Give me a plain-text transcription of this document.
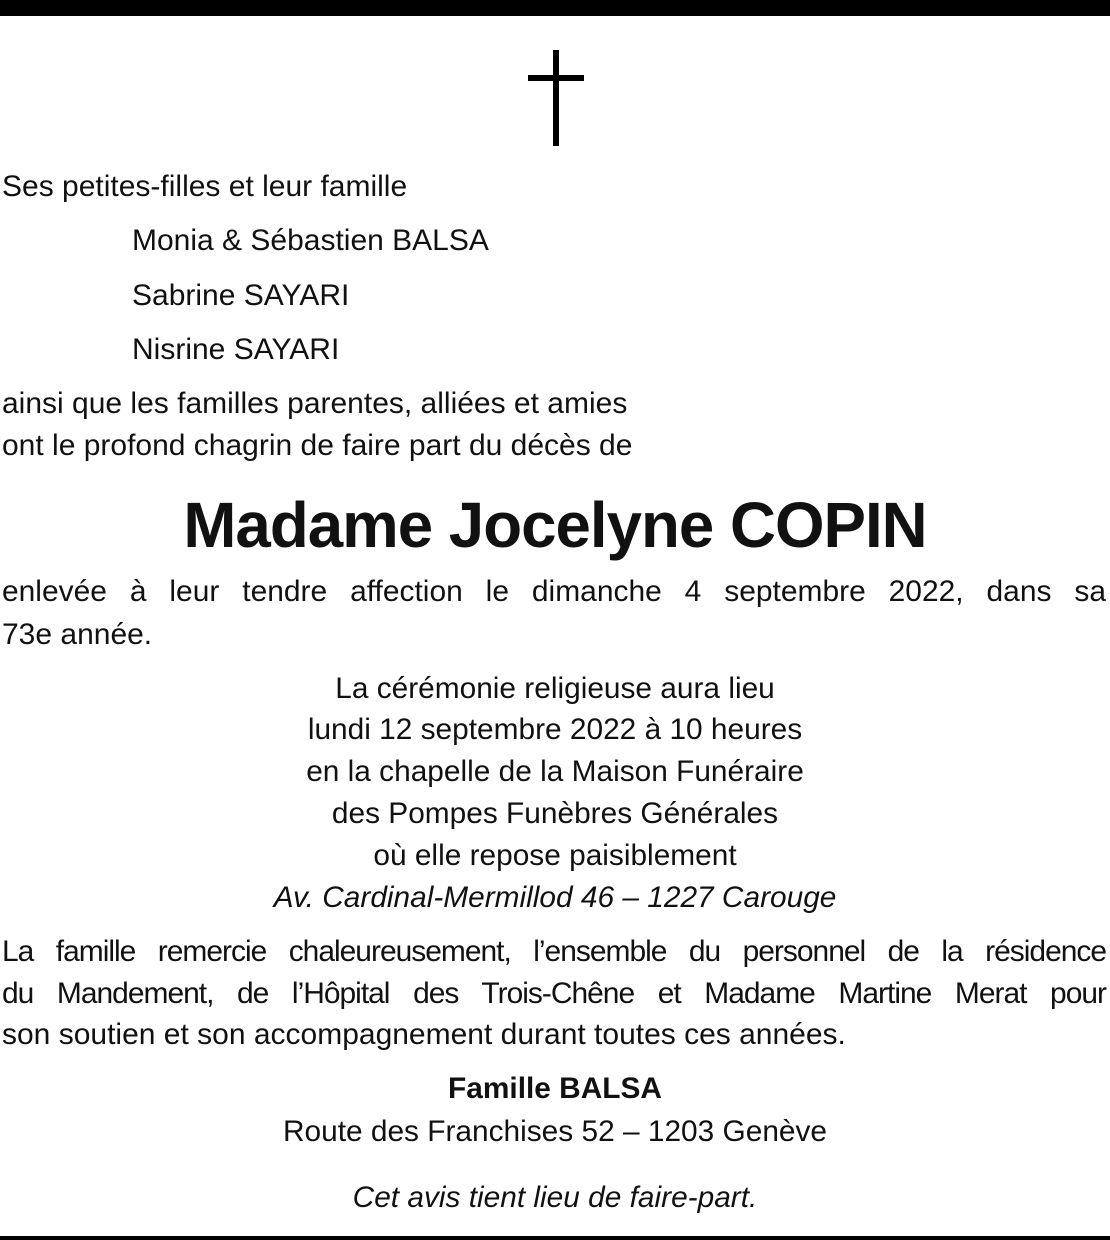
Ses petites-filles et leur famille
Monia & Sébastien BALSA
Sabrine SAYARI
Nisrine SAYARI
ainsi que les familles parentes, alliées et amies
ont le profond chagrin de faire part du décès de
Madame Jocelyne COPIN
enlevée à leur tendre affection le dimanche 4 septembre 2022, dans sa
73e année.
La cérémonie religieuse aura lieu
lundi 12 septembre 2022 à 10 heures
en la chapelle de la Maison Funéraire
des Pompes Funèbres Générales
où elle repose paisiblement
Av. Cardinal-Mermillod 46 – 1227 Carouge
La famille remercie chaleureusement, l’ensemble du personnel de la résidence
du Mandement, de l’Hôpital des Trois-Chêne et Madame Martine Merat pour
son soutien et son accompagnement durant toutes ces années.
Famille BALSA
Route des Franchises 52 – 1203 Genève
Cet avis tient lieu de faire-part.
